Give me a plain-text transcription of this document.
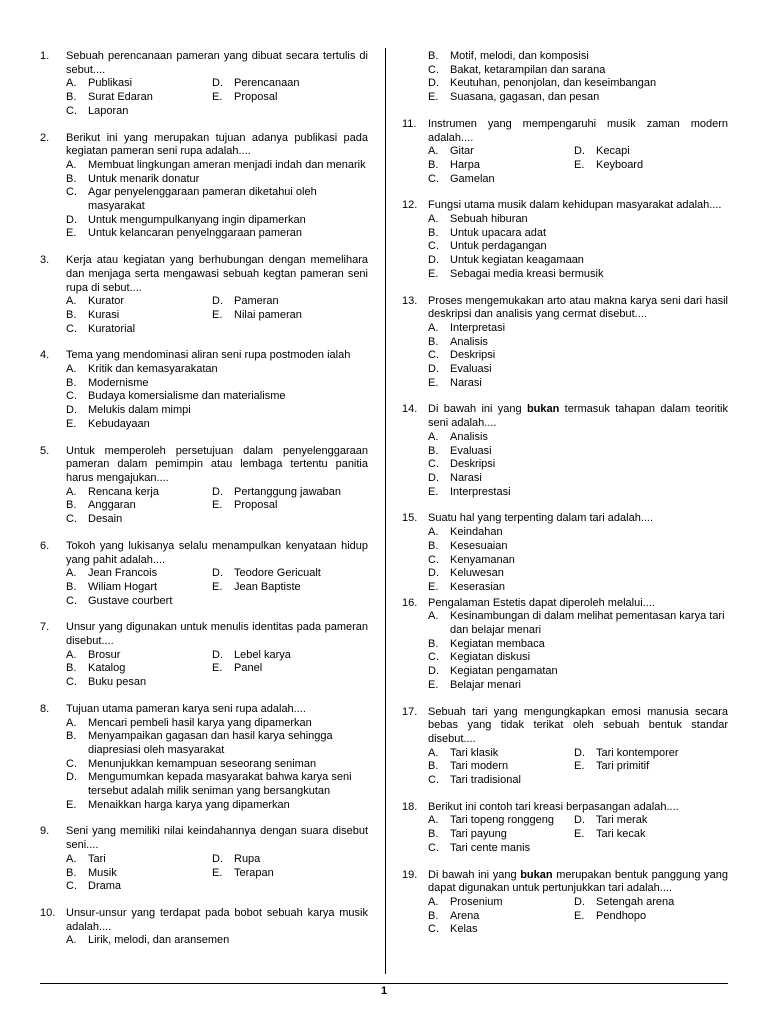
1. Sebuah perencanaan pameran yang dibuat secara tertulis di sebut....
A. Publikasi	D. Perencanaan
B. Surat Edaran	E. Proposal
C. Laporan
2. Berikut ini yang merupakan tujuan adanya publikasi pada kegiatan pameran seni rupa adalah....
A. Membuat lingkungan ameran menjadi indah dan menarik
B. Untuk menarik donatur
C. Agar penyelenggaraan pameran diketahui oleh masyarakat
D. Untuk mengumpulkanyang ingin dipamerkan
E. Untuk kelancaran penyelnggaraan pameran
3. Kerja atau kegiatan yang berhubungan dengan memelihara dan menjaga serta mengawasi sebuah kegtan pameran seni rupa di sebut....
A. Kurator	D. Pameran
B. Kurasi	E. Nilai pameran
C. Kuratorial
4. Tema yang mendominasi aliran seni rupa postmoden ialah
A. Kritik dan kemasyarakatan
B. Modernisme
C. Budaya komersialisme dan materialisme
D. Melukis dalam mimpi
E. Kebudayaan
5. Untuk memperoleh persetujuan dalam penyelenggaraan pameran dalam pemimpin atau lembaga tertentu panitia harus mengajukan....
A. Rencana kerja	D. Pertanggung jawaban
B. Anggaran	E. Proposal
C. Desain
6. Tokoh yang lukisanya selalu menampulkan kenyataan hidup yang pahit adalah....
A. Jean Francois	D. Teodore Gericualt
B. Wiliam Hogart	E. Jean Baptiste
C. Gustave courbert
7. Unsur yang digunakan untuk menulis identitas pada pameran disebut....
A. Brosur	D. Lebel karya
B. Katalog	E. Panel
C. Buku pesan
8. Tujuan utama pameran karya seni rupa adalah....
A. Mencari pembeli hasil karya yang dipamerkan
B. Menyampaikan gagasan dan hasil karya sehingga diapresiasi oleh masyarakat
C. Menunjukkan kemampuan seseorang seniman
D. Mengumumkan kepada masyarakat bahwa karya seni tersebut adalah milik seniman yang bersangkutan
E. Menaikkan harga karya yang dipamerkan
9. Seni yang memiliki nilai keindahannya dengan suara disebut seni....
A. Tari	D. Rupa
B. Musik	E. Terapan
C. Drama
10. Unsur-unsur yang terdapat pada bobot sebuah karya musik adalah....
A. Lirik, melodi, dan aransemen
B. Motif, melodi, dan komposisi
C. Bakat, ketarampilan dan sarana
D. Keutuhan, penonjolan, dan keseimbangan
E. Suasana, gagasan, dan pesan
11. Instrumen yang mempengaruhi musik zaman modern adalah....
A. Gitar	D. Kecapi
B. Harpa	E. Keyboard
C. Gamelan
12. Fungsi utama musik dalam kehidupan masyarakat adalah....
A. Sebuah hiburan
B. Untuk upacara adat
C. Untuk perdagangan
D. Untuk kegiatan keagamaan
E. Sebagai media kreasi bermusik
13. Proses mengemukakan arto atau makna karya seni dari hasil deskripsi dan analisis yang cermat disebut....
A. Interpretasi
B. Analisis
C. Deskripsi
D. Evaluasi
E. Narasi
14. Di bawah ini yang bukan termasuk tahapan dalam teoritik seni adalah....
A. Analisis
B. Evaluasi
C. Deskripsi
D. Narasi
E. Interprestasi
15. Suatu hal yang terpenting dalam tari adalah....
A. Keindahan
B. Kesesuaian
C. Kenyamanan
D. Keluwesan
E. Keserasian
16. Pengalaman Estetis dapat diperoleh melalui....
A. Kesinambungan di dalam melihat pementasan karya tari dan belajar menari
B. Kegiatan membaca
C. Kegiatan diskusi
D. Kegiatan pengamatan
E. Belajar menari
17. Sebuah tari yang mengungkapkan emosi manusia secara bebas yang tidak terikat oleh sebuah bentuk standar disebut....
A. Tari klasik	D. Tari kontemporer
B. Tari modern	E. Tari primitif
C. Tari tradisional
18. Berikut ini contoh tari kreasi berpasangan adalah....
A. Tari topeng ronggeng	D. Tari merak
B. Tari payung	E. Tari kecak
C. Tari cente manis
19. Di bawah ini yang bukan merupakan bentuk panggung yang dapat digunakan untuk pertunjukkan tari adalah....
A. Prosenium	D. Setengah arena
B. Arena	E. Pendhopo
C. Kelas
1
